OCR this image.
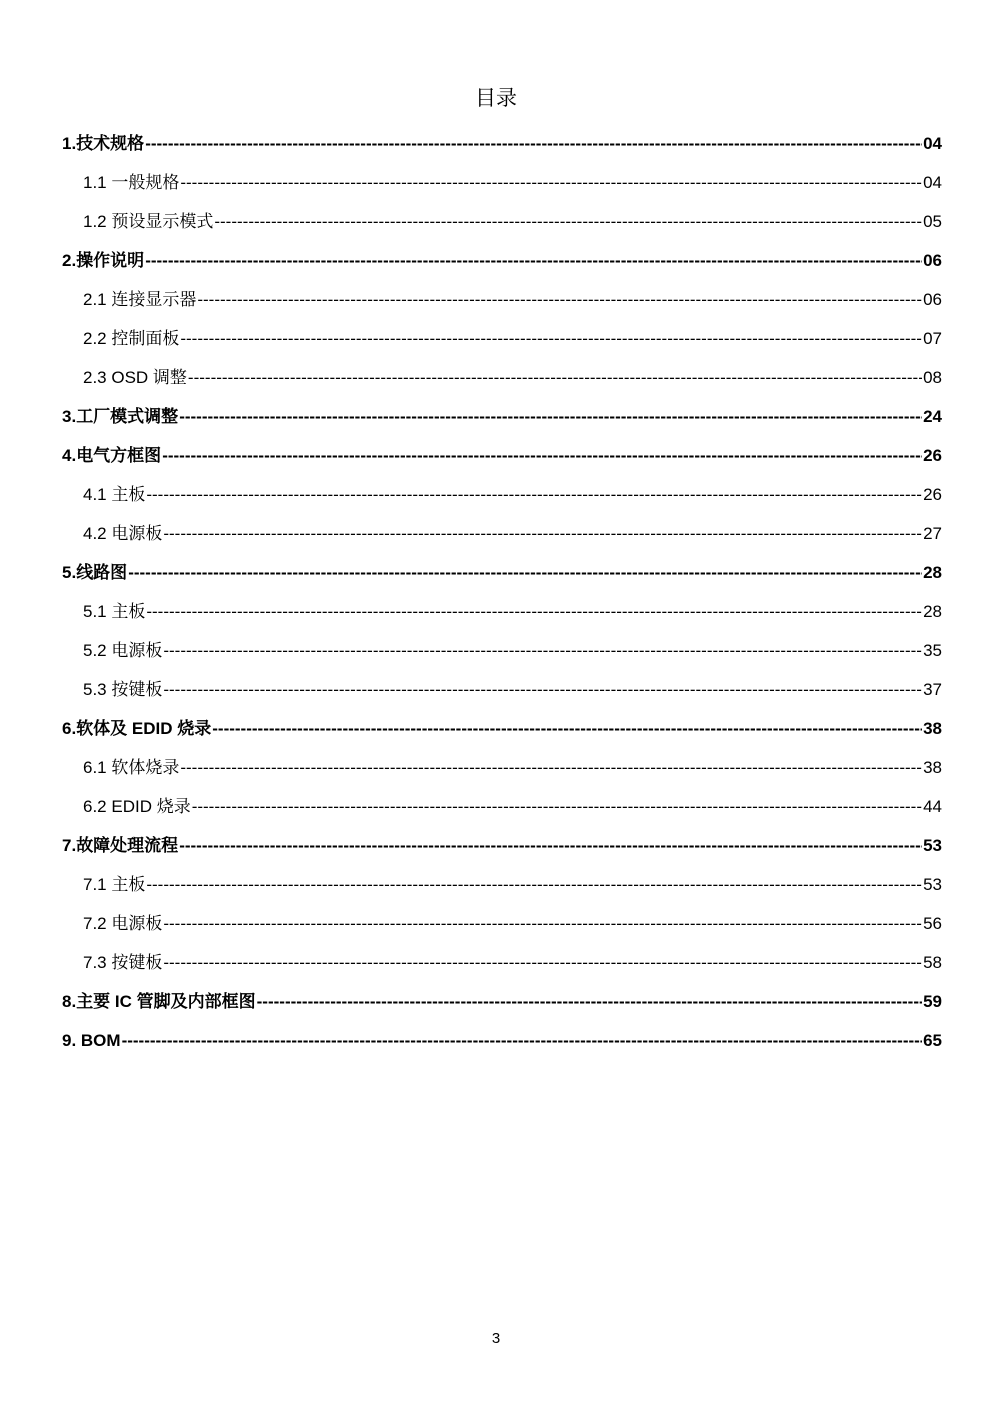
目录
1.技术规格 -----	04
1.1 一般规格 -----	04
1.2 预设显示模式 -----	05
2.操作说明 -----	06
2.1 连接显示器 -----	06
2.2 控制面板 -----	07
2.3 OSD 调整 -----	08
3.工厂模式调整 -----	24
4.电气方框图 -----	26
4.1 主板 -----	26
4.2 电源板 -----	27
5.线路图 -----	28
5.1 主板 -----	28
5.2 电源板 -----	35
5.3 按键板 -----	37
6.软体及 EDID 烧录 -----	38
6.1 软体烧录 -----	38
6.2 EDID 烧录 -----	44
7.故障处理流程 -----	53
7.1 主板 -----	53
7.2 电源板 -----	56
7.3 按键板 -----	58
8.主要 IC 管脚及内部框图 -----	59
9. BOM -----	65
3
